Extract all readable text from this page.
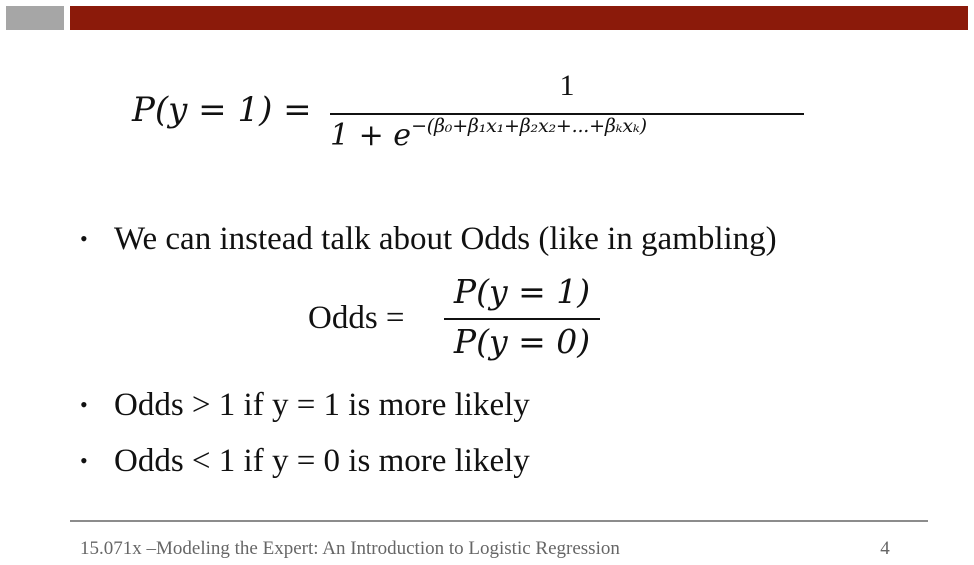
P(y = 1) =
1
$1 + e^{-(\beta_0+\beta_1x_1+\beta_2x_2+...+\beta_kx_k)}$
• We can instead talk about Odds (like in gambling)
Odds =
P(y = 1)
P(y = 0)
• Odds > 1 if y = 1 is more likely
• Odds < 1 if y = 0 is more likely
15.071x –Modeling the Expert: An Introduction to Logistic Regression	4
